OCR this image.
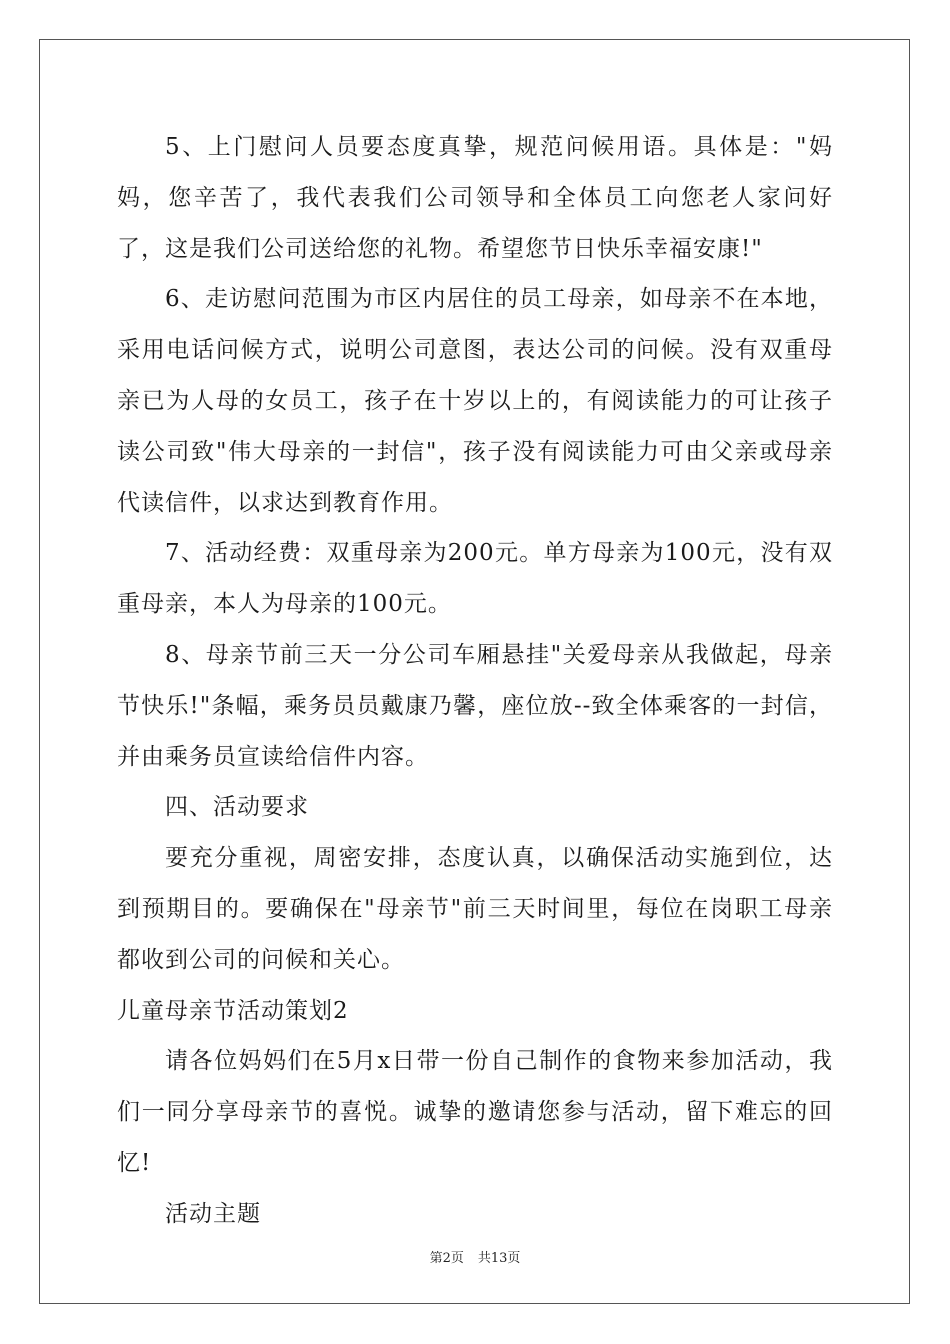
5、上门慰问人员要态度真挚，规范问候用语。具体是："妈妈，您辛苦了，我代表我们公司领导和全体员工向您老人家问好了，这是我们公司送给您的礼物。希望您节日快乐幸福安康!"

6、走访慰问范围为市区内居住的员工母亲，如母亲不在本地，采用电话问候方式，说明公司意图，表达公司的问候。没有双重母亲已为人母的女员工，孩子在十岁以上的，有阅读能力的可让孩子读公司致"伟大母亲的一封信"，孩子没有阅读能力可由父亲或母亲代读信件，以求达到教育作用。

7、活动经费：双重母亲为200元。单方母亲为100元，没有双重母亲，本人为母亲的100元。

8、母亲节前三天一分公司车厢悬挂"关爱母亲从我做起，母亲节快乐!"条幅，乘务员员戴康乃馨，座位放--致全体乘客的一封信，并由乘务员宣读给信件内容。

四、活动要求

要充分重视，周密安排，态度认真，以确保活动实施到位，达到预期目的。要确保在"母亲节"前三天时间里，每位在岗职工母亲都收到公司的问候和关心。

儿童母亲节活动策划2

请各位妈妈们在5月x日带一份自己制作的食物来参加活动，我们一同分享母亲节的喜悦。诚挚的邀请您参与活动，留下难忘的回忆!

活动主题

第2页 共13页
